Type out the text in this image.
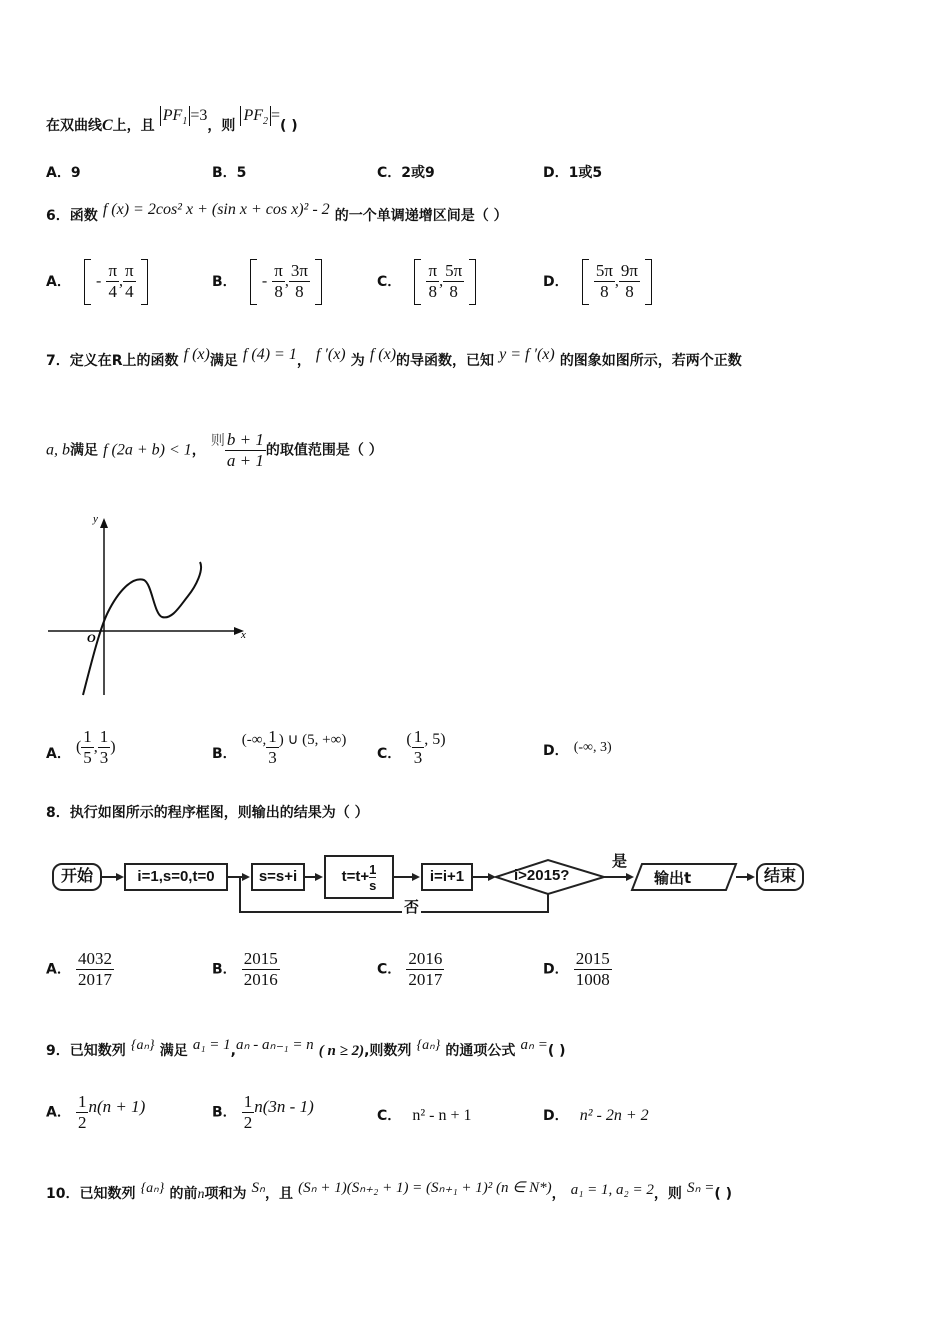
在双曲线C上，且 $PF_1 =3$，则 $PF_2$ =( )
A．9	B．5	C．2或9	D．1或5
6．函数 f (x) = 2cos² x + (sin x + cos x)² - 2 的一个单调递增区间是（ ）
A． - $\frac{\pi}{4}$ , $\frac{\pi}{4}$
	B． - $\frac{\pi}{8}$ , $\frac{3\pi}{8}$
	C． $\frac{\pi}{8}$ , $\frac{5\pi}{8}$
	D． $\frac{5\pi}{8}$ , $\frac{9\pi}{8}$

7．定义在R上的函数 f (x)满足 f (4) = 1， f ′(x) 为 f (x)的导函数，已知 y = f ′(x) 的图象如图所示，若两个正数
a, b满足 f (2a + b) < 1， 则 $\frac{b + 1}{a + 1}$ 的取值范围是（ ）
y
x
O
A． ( $\frac{1}{5}$ , $\frac{1}{3}$ )	B． (-∞, $\frac{1}{3}$ ) ∪ (5, +∞)
C． ( $\frac{1}{3}$ , 5)
D． (-∞, 3)
8．执行如图所示的程序框图，则输出的结果为（ ）
开始	i=1,s=0,t=0	s=s+i	$t=t+ \frac{1}{s}$	i=i+1	i>2015?
是
输出t	结束
否
A． $\frac{4032}{2017}$	B． $\frac{2015}{2016}$	C． $\frac{2016}{2017}$	D． $\frac{2015}{1008}$
9．已知数列 {aₙ} 满足 a₁ = 1,aₙ - aₙ₋₁ = n ( n ≥ 2),则数列 {aₙ} 的通项公式 aₙ =( )
A． $\frac{1}{2} n(n + 1)$	B． $\frac{1}{2} n(3n - 1)$
C． n² - n + 1	D． n² - 2n + 2
10．已知数列 {aₙ} 的前n项和为 Sₙ，且 (Sₙ + 1)(Sₙ₊₂ + 1) = (Sₙ₊₁ + 1)² (n ∈ N*)， a₁ = 1, a₂ = 2，则 Sₙ =( )
